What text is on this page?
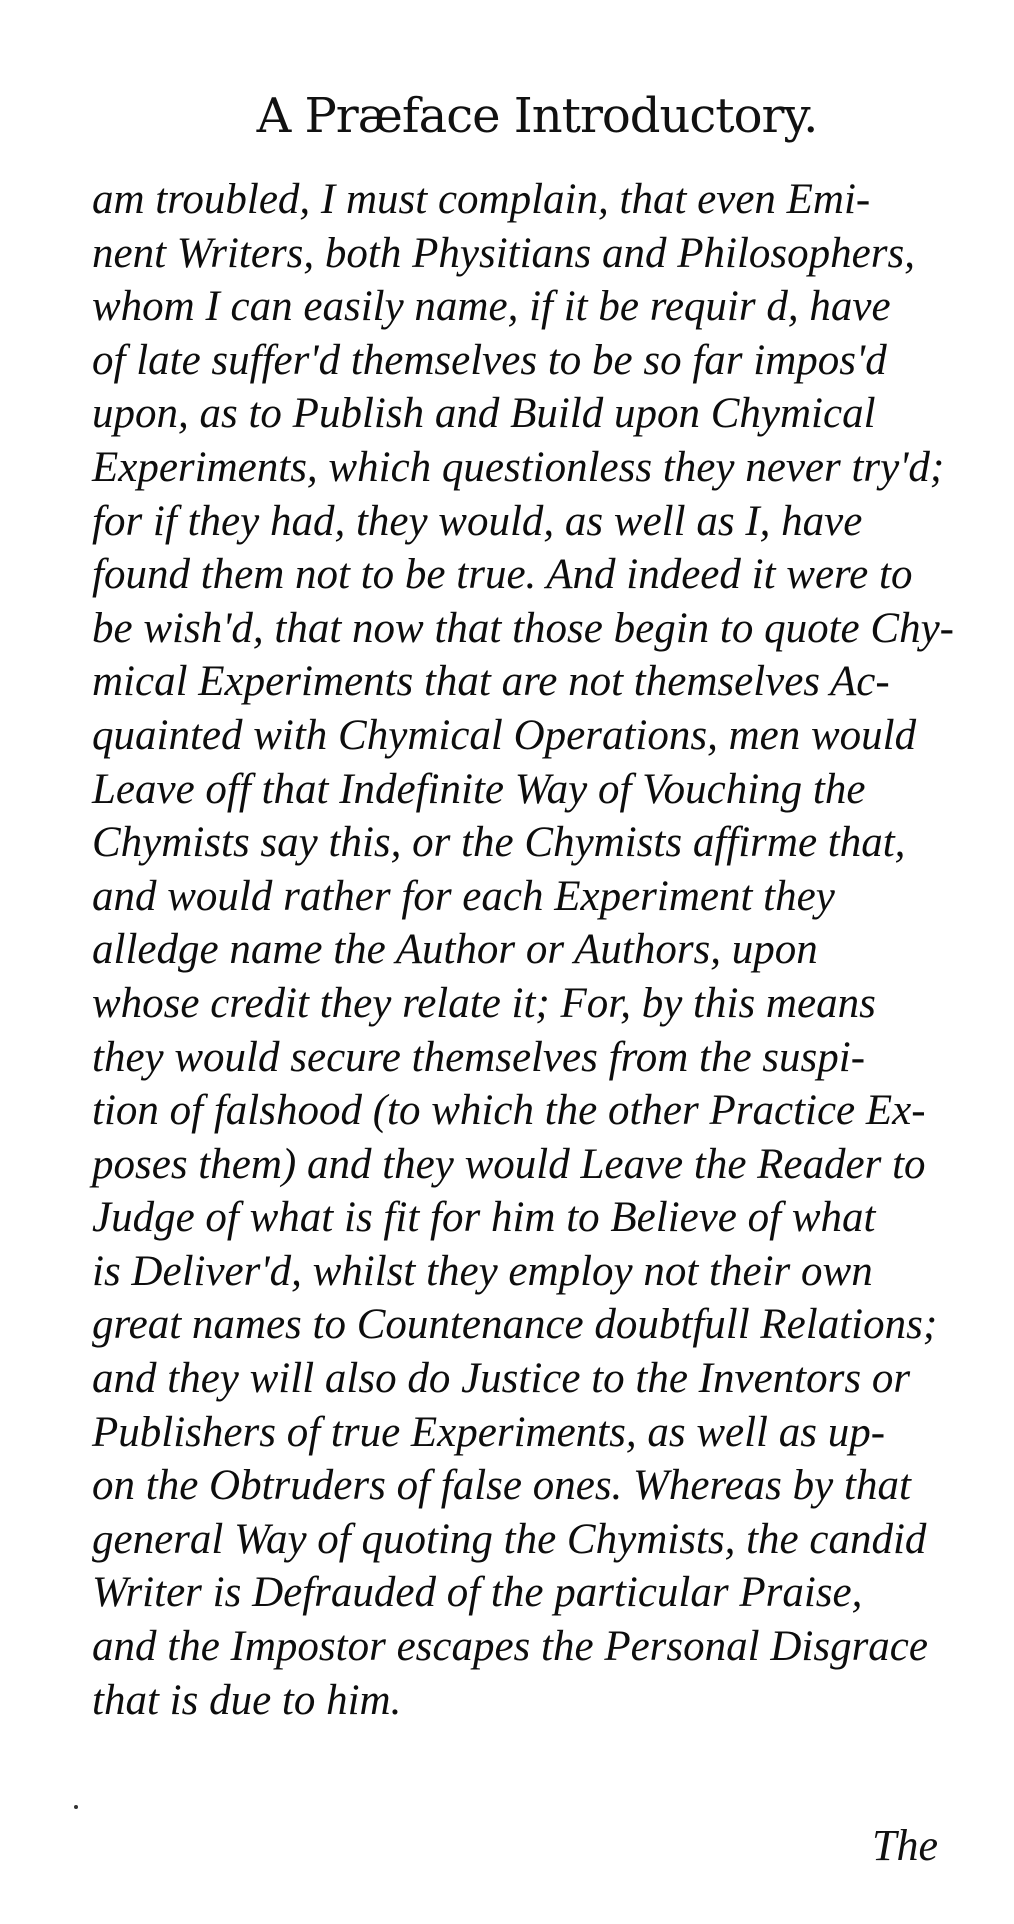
A Præface Introductory.
am troubled, I must complain, that even Emi-
nent Writers, both Physitians and Philosophers,
whom I can easily name, if it be requir d, have
of late suffer'd themselves to be so far impos'd
upon, as to Publish and Build upon Chymical
Experiments, which questionless they never try'd;
for if they had, they would, as well as I, have
found them not to be true. And indeed it were to
be wish'd, that now that those begin to quote Chy-
mical Experiments that are not themselves Ac-
quainted with Chymical Operations, men would
Leave off that Indefinite Way of Vouching the
Chymists say this, or the Chymists affirme that,
and would rather for each Experiment they
alledge name the Author or Authors, upon
whose credit they relate it; For, by this means
they would secure themselves from the suspi-
tion of falshood (to which the other Practice Ex-
poses them) and they would Leave the Reader to
Judge of what is fit for him to Believe of what
is Deliver'd, whilst they employ not their own
great names to Countenance doubtfull Relations;
and they will also do Justice to the Inventors or
Publishers of true Experiments, as well as up-
on the Obtruders of false ones. Whereas by that
general Way of quoting the Chymists, the candid
Writer is Defrauded of the particular Praise,
and the Impostor escapes the Personal Disgrace
that is due to him.
The
